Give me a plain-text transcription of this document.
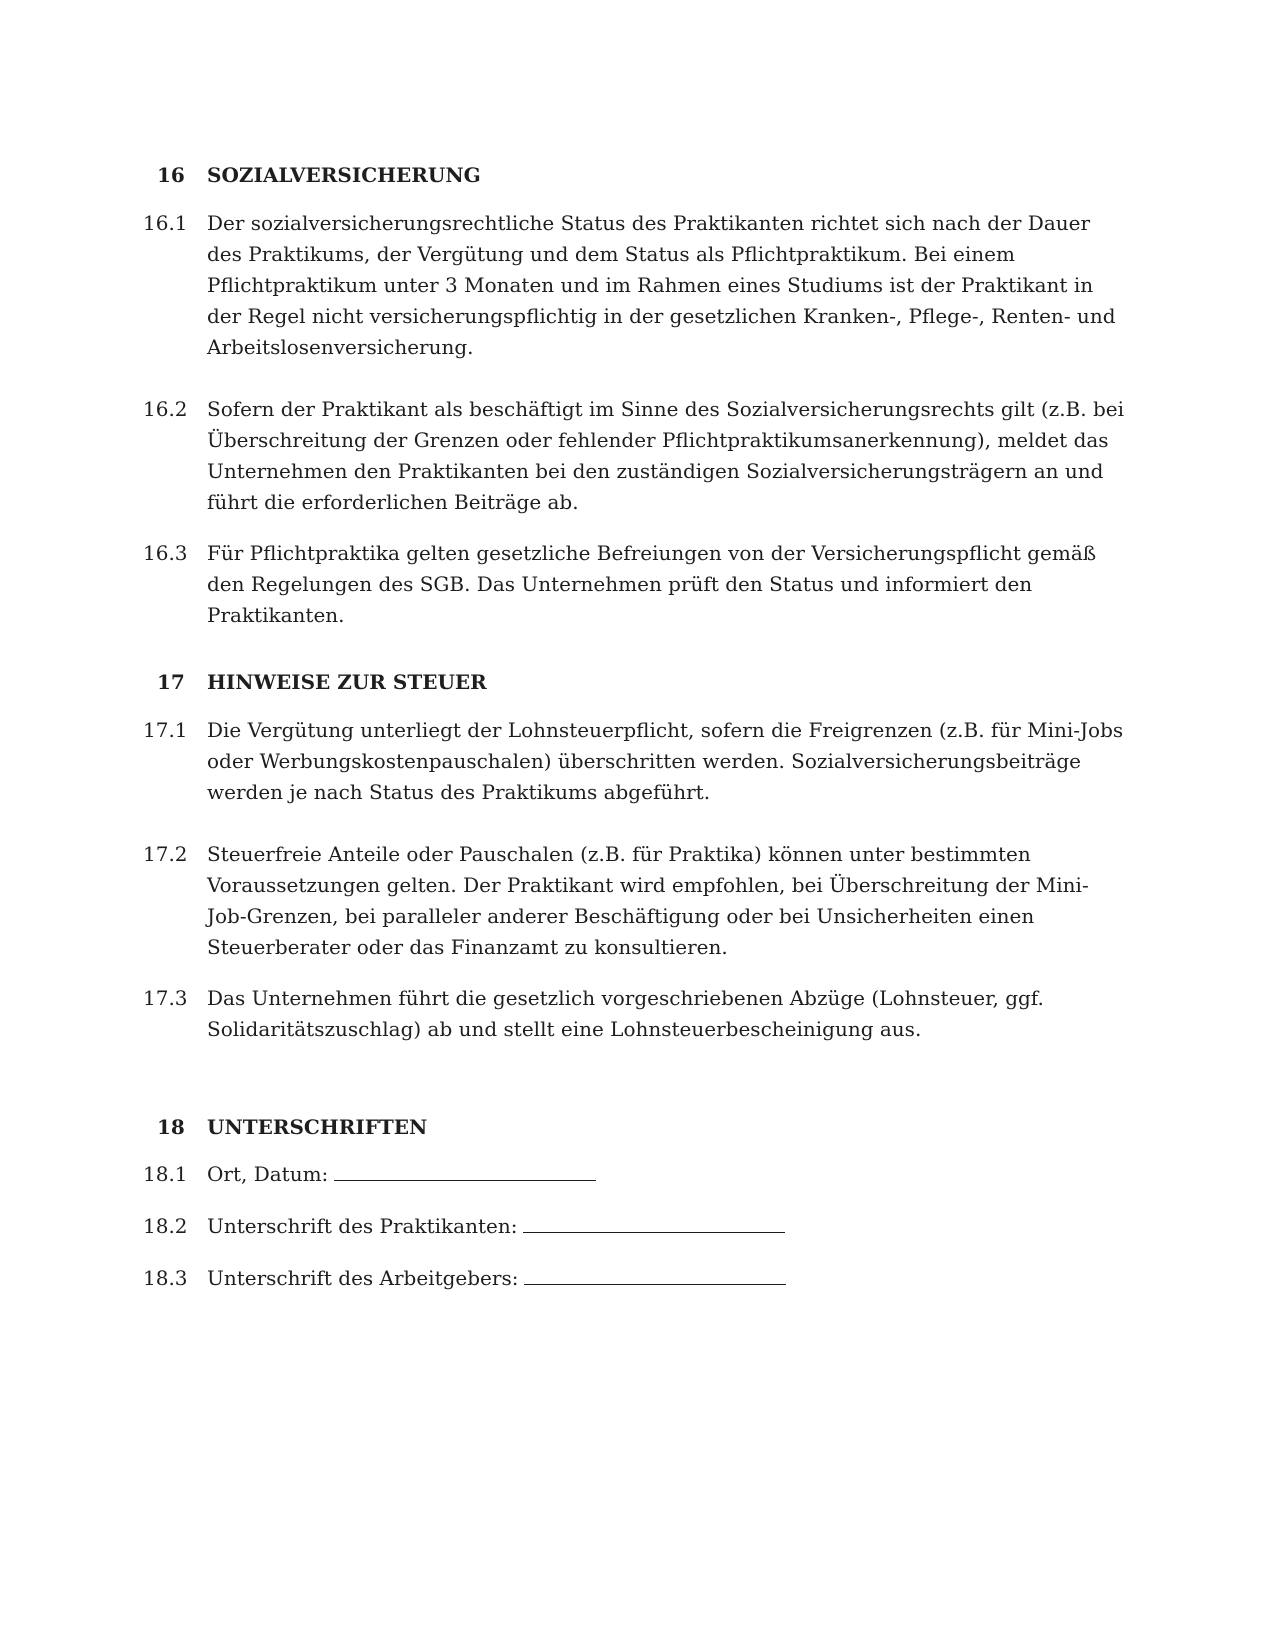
16 SOZIALVERSICHERUNG
16.1 Der sozialversicherungsrechtliche Status des Praktikanten richtet sich nach der Dauer des Praktikums, der Vergütung und dem Status als Pflichtpraktikum. Bei einem Pflichtpraktikum unter 3 Monaten und im Rahmen eines Studiums ist der Praktikant in der Regel nicht versicherungspflichtig in der gesetzlichen Kranken-, Pflege-, Renten- und Arbeitslosenversicherung.
16.2 Sofern der Praktikant als beschäftigt im Sinne des Sozialversicherungsrechts gilt (z.B. bei Überschreitung der Grenzen oder fehlender Pflichtpraktikumsanerkennung), meldet das Unternehmen den Praktikanten bei den zuständigen Sozialversicherungsträgern an und führt die erforderlichen Beiträge ab.
16.3 Für Pflichtpraktika gelten gesetzliche Befreiungen von der Versicherungspflicht gemäß den Regelungen des SGB. Das Unternehmen prüft den Status und informiert den Praktikanten.
17 HINWEISE ZUR STEUER
17.1 Die Vergütung unterliegt der Lohnsteuerpflicht, sofern die Freigrenzen (z.B. für Mini-Jobs oder Werbungskostenpauschalen) überschritten werden. Sozialversicherungsbeiträge werden je nach Status des Praktikums abgeführt.
17.2 Steuerfreie Anteile oder Pauschalen (z.B. für Praktika) können unter bestimmten Voraussetzungen gelten. Der Praktikant wird empfohlen, bei Überschreitung der Mini-Job-Grenzen, bei paralleler anderer Beschäftigung oder bei Unsicherheiten einen Steuerberater oder das Finanzamt zu konsultieren.
17.3 Das Unternehmen führt die gesetzlich vorgeschriebenen Abzüge (Lohnsteuer, ggf. Solidaritätszuschlag) ab und stellt eine Lohnsteuerbescheinigung aus.
18 UNTERSCHRIFTEN
18.1 Ort, Datum:
18.2 Unterschrift des Praktikanten:
18.3 Unterschrift des Arbeitgebers:
